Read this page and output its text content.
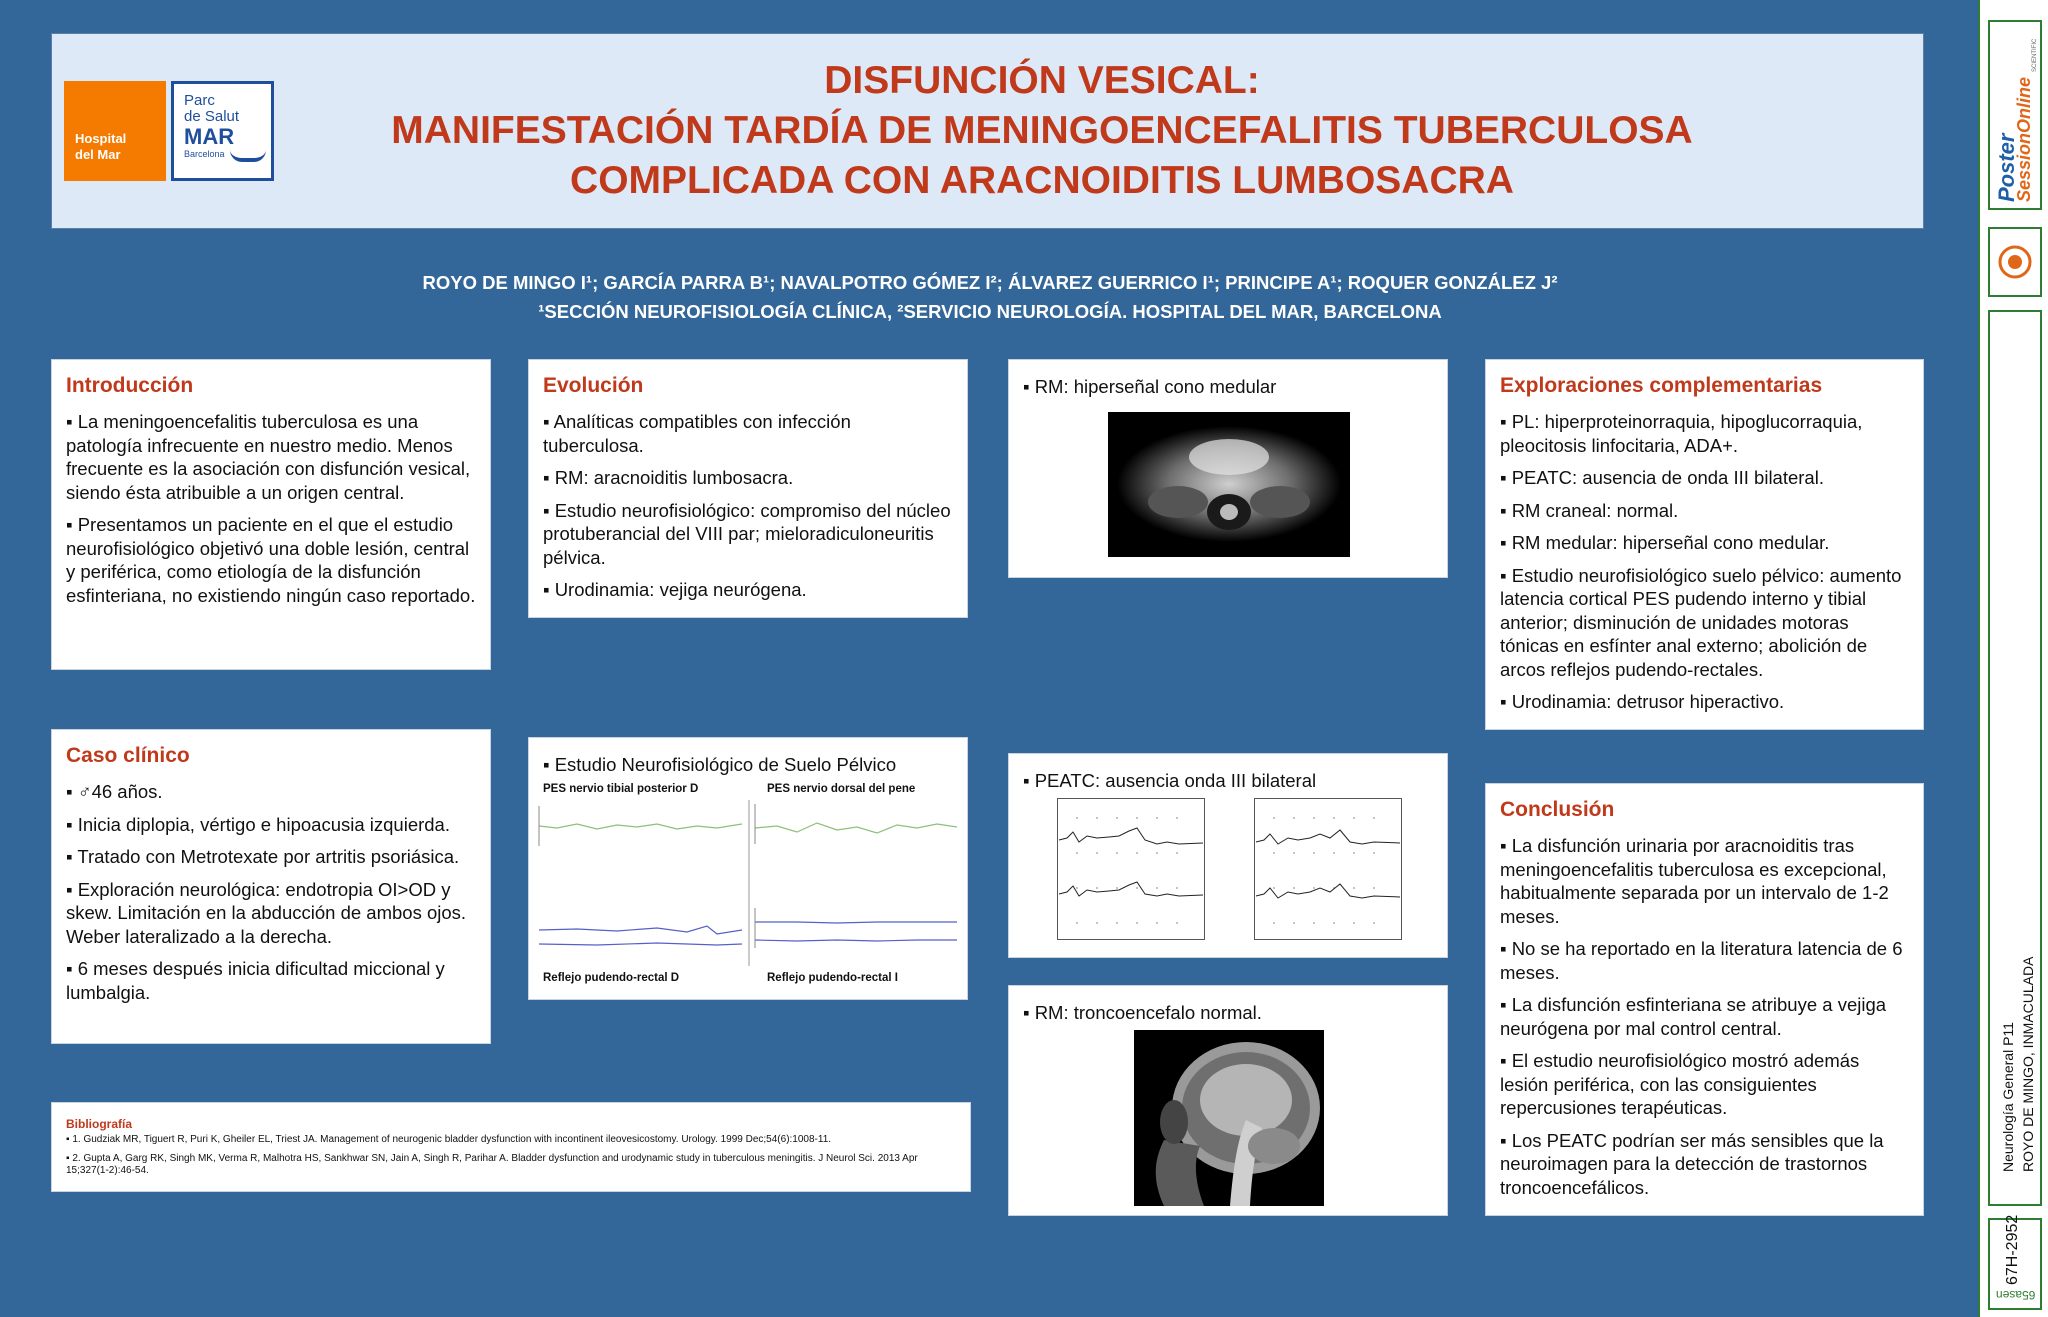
Hospital
del Mar
Parc
de Salut
MAR
Barcelona
DISFUNCIÓN VESICAL:
MANIFESTACIÓN TARDÍA DE MENINGOENCEFALITIS TUBERCULOSA
COMPLICADA CON ARACNOIDITIS LUMBOSACRA
ROYO DE MINGO I¹; GARCÍA PARRA B¹; NAVALPOTRO GÓMEZ I²; ÁLVAREZ GUERRICO I¹; PRINCIPE A¹; ROQUER GONZÁLEZ J²
¹SECCIÓN NEUROFISIOLOGÍA CLÍNICA, ²SERVICIO NEUROLOGÍA. HOSPITAL DEL MAR, BARCELONA
Introducción

▪ La meningoencefalitis tuberculosa es una patología infrecuente en nuestro medio. Menos frecuente es la asociación con disfunción vesical, siendo ésta atribuible a un origen central.

▪ Presentamos un paciente en el que el estudio neurofisiológico objetivó una doble lesión, central y periférica, como etiología de la disfunción esfinteriana, no existiendo ningún caso reportado.

Caso clínico

▪ ♂46 años.

▪ Inicia diplopia, vértigo e hipoacusia izquierda.

▪ Tratado con Metrotexate por artritis psoriásica.

▪ Exploración neurológica: endotropia OI>OD y skew. Limitación en la abducción de ambos ojos. Weber lateralizado a la derecha.

▪ 6 meses después inicia dificultad miccional y lumbalgia.

Evolución

▪ Analíticas compatibles con infección tuberculosa.

▪ RM: aracnoiditis lumbosacra.

▪ Estudio neurofisiológico: compromiso del núcleo protuberancial del VIII par; mieloradiculoneuritis pélvica.

▪ Urodinamia: vejiga neurógena.

▪ Estudio Neurofisiológico de Suelo Pélvico
PES nervio tibial posterior D	PES nervio dorsal del pene
Reflejo pudendo-rectal D	Reflejo pudendo-rectal I
▪ RM: hiperseñal cono medular
▪ PEATC: ausencia onda III bilateral
▪ RM: troncoencefalo normal.
Exploraciones complementarias

▪ PL: hiperproteinorraquia, hipoglucorraquia, pleocitosis linfocitaria, ADA+.

▪ PEATC: ausencia de onda III bilateral.

▪ RM craneal: normal.

▪ RM medular: hiperseñal cono medular.

▪ Estudio neurofisiológico suelo pélvico: aumento latencia cortical PES pudendo interno y tibial anterior; disminución de unidades motoras tónicas en esfínter anal externo; abolición de arcos reflejos pudendo-rectales.

▪ Urodinamia: detrusor hiperactivo.

Conclusión

▪ La disfunción urinaria por aracnoiditis tras meningoencefalitis tuberculosa es excepcional, habitualmente separada por un intervalo de 1-2 meses.

▪ No se ha reportado en la literatura latencia de 6 meses.

▪ La disfunción esfinteriana se atribuye a vejiga neurógena por mal control central.

▪ El estudio neurofisiológico mostró además lesión periférica, con las consiguientes repercusiones terapéuticas.

▪ Los PEATC podrían ser más sensibles que la neuroimagen para la detección de trastornos troncoencefálicos.

Bibliografía
▪ 1. Gudziak MR, Tiguert R, Puri K, Gheiler EL, Triest JA. Management of neurogenic bladder dysfunction with incontinent ileovesicostomy. Urology. 1999 Dec;54(6):1008-11.
▪ 2. Gupta A, Garg RK, Singh MK, Verma R, Malhotra HS, Sankhwar SN, Jain A, Singh R, Parihar A. Bladder dysfunction and urodynamic study in tuberculous meningitis. J Neurol Sci. 2013 Apr 15;327(1-2):46-54.
Poster
SessionOnline
SCIENTIFIC
Neurología General P11 ROYO DE MINGO, INMACULADA
67H-2952
65asen
